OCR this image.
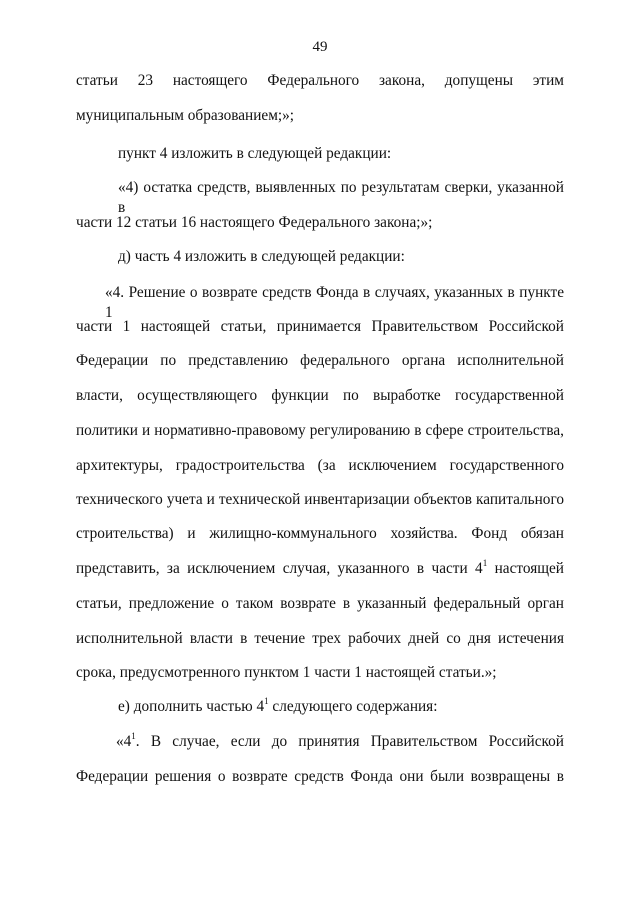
49
статьи 23 настоящего Федерального закона, допущены этим
муниципальным образованием;»;
пункт 4 изложить в следующей редакции:
«4) остатка средств, выявленных по результатам сверки, указанной в
части 12 статьи 16 настоящего Федерального закона;»;
д) часть 4 изложить в следующей редакции:
«4. Решение о возврате средств Фонда в случаях, указанных в пункте 1
части 1 настоящей статьи, принимается Правительством Российской
Федерации по представлению федерального органа исполнительной
власти, осуществляющего функции по выработке государственной
политики и нормативно-правовому регулированию в сфере строительства,
архитектуры, градостроительства (за исключением государственного
технического учета и технической инвентаризации объектов капитального
строительства) и жилищно-коммунального хозяйства. Фонд обязан
представить, за исключением случая, указанного в части $4^1$ настоящей
статьи, предложение о таком возврате в указанный федеральный орган
исполнительной власти в течение трех рабочих дней со дня истечения
срока, предусмотренного пунктом 1 части 1 настоящей статьи.»;
е) дополнить частью $4^1$ следующего содержания:
«$4^1$. В случае, если до принятия Правительством Российской
Федерации решения о возврате средств Фонда они были возвращены в
